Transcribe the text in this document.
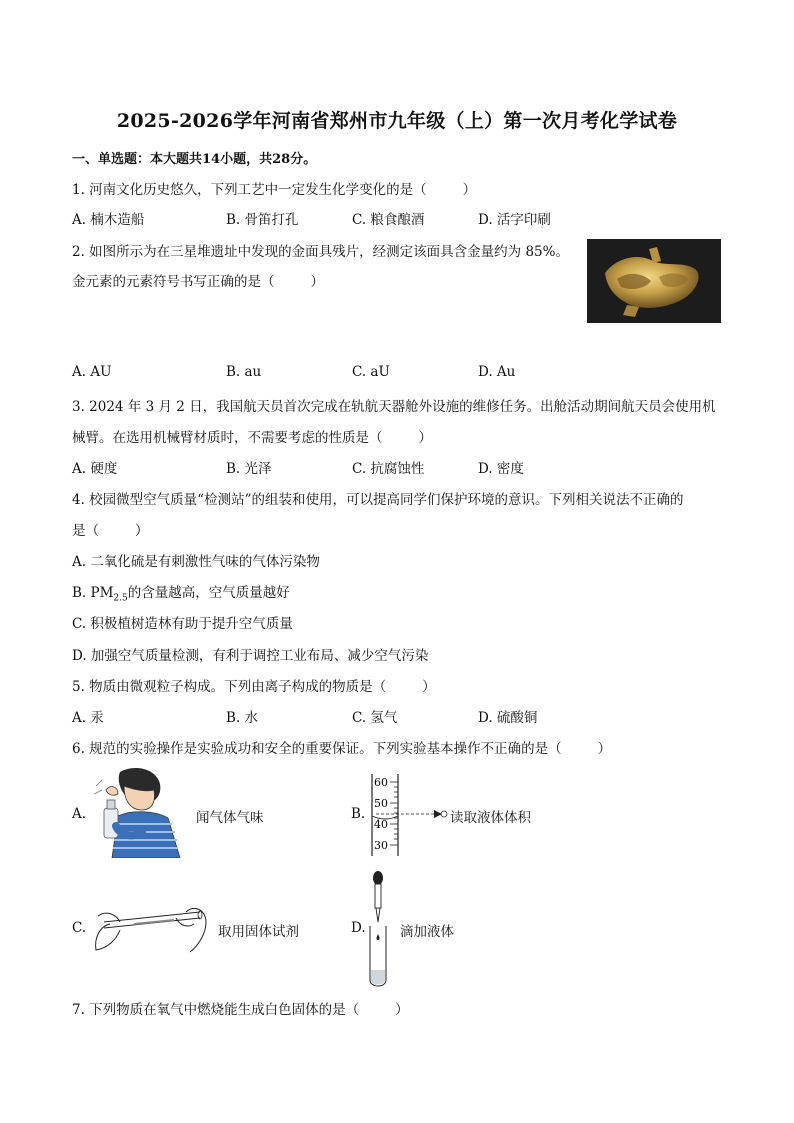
2025-2026学年河南省郑州市九年级（上）第一次月考化学试卷
一、单选题：本大题共14小题，共28分。
1. 河南文化历史悠久，下列工艺中一定发生化学变化的是（	）
A. 楠木造船	B. 骨笛打孔	C. 粮食酿酒	D. 活字印刷
2. 如图所示为在三星堆遗址中发现的金面具残片，经测定该面具含金量约为 85%。
金元素的元素符号书写正确的是（	）
A. AU	B. au	C. aU	D. Au
3. 2024 年 3 月 2 日，我国航天员首次完成在轨航天器舱外设施的维修任务。出舱活动期间航天员会使用机
械臂。在选用机械臂材质时，不需要考虑的性质是（	）
A. 硬度	B. 光泽	C. 抗腐蚀性	D. 密度
4. 校园微型空气质量“检测站”的组装和使用，可以提高同学们保护环境的意识。下列相关说法不正确的
是（	）
A. 二氧化硫是有刺激性气味的气体污染物
B. $PM_{2.5}$的含量越高，空气质量越好
C. 积极植树造林有助于提升空气质量
D. 加强空气质量检测，有利于调控工业布局、减少空气污染
5. 物质由微观粒子构成。下列由离子构成的物质是（	）
A. 汞	B. 水	C. 氢气	D. 硫酸铜
6. 规范的实验操作是实验成功和安全的重要保证。下列实验基本操作不正确的是（	）
A.	闻气体气味	B.
60
50
40
30
读取液体体积
C.	取用固体试剂	D.	滴加液体
7. 下列物质在氧气中燃烧能生成白色固体的是（	）
